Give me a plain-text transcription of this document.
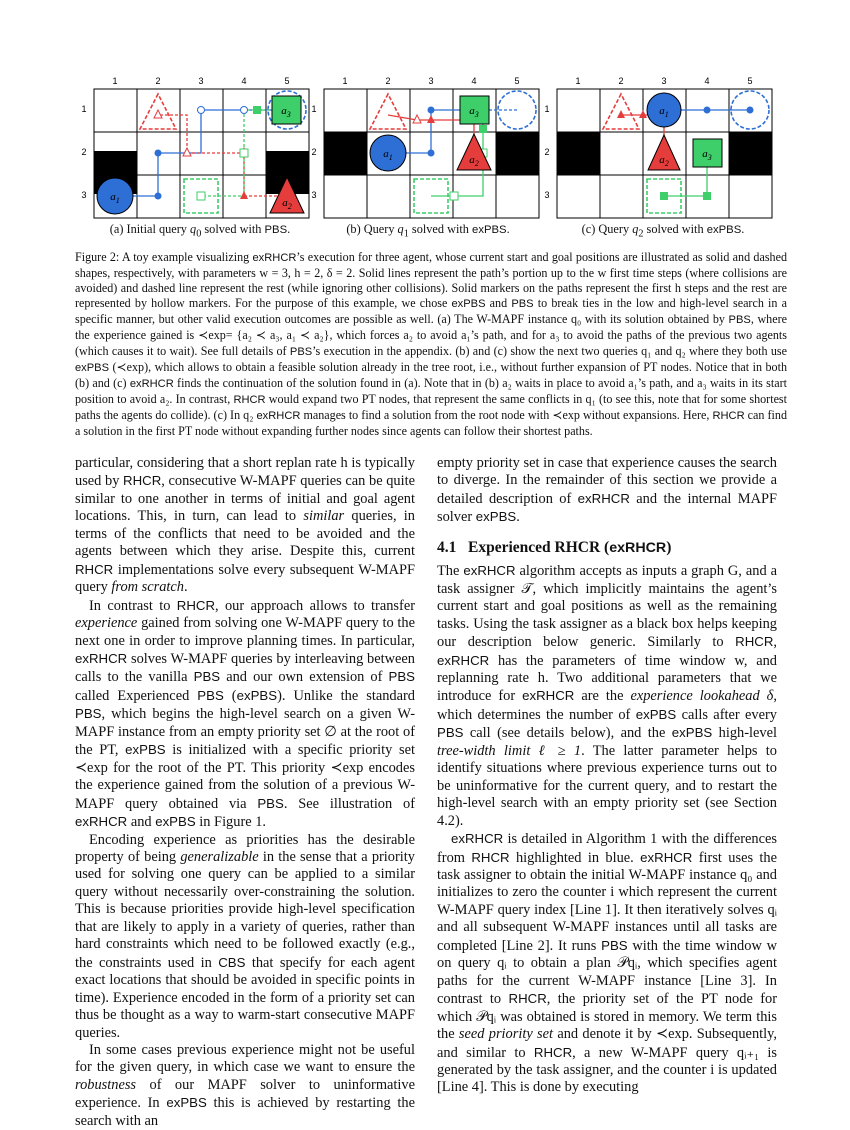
1	2	3	4	5
1
2
3 $a_1$	$a_2$
$a_3$
1	2	3	4	5
1
2
3
$a_1$	$a_2$
$a_3$
1	2	3	4	5
1
2
3
$a_1$
$a_2$
$a_3$
(a) Initial query $q_0$ solved with PBS.	(b) Query $q_1$ solved with exPBS.	(c) Query $q_2$ solved with exPBS.
Figure 2: A toy example visualizing exRHCR’s execution for three agent, whose current start and goal positions are illustrated as solid and dashed shapes, respectively, with parameters w = 3, h = 2, δ = 2. Solid lines represent the path’s portion up to the w first time steps (where collisions are avoided) and dashed line represent the rest (while ignoring other collisions). Solid markers on the paths represent the first h steps and the rest are represented by hollow markers. For the purpose of this example, we chose exPBS and PBS to break ties in the low and high-level search in a specific manner, but other valid execution outcomes are possible as well. (a) The W-MAPF instance q₀ with its solution obtained by PBS, where the experience gained is ≺exp= {a₂ ≺ a₃, a₁ ≺ a₂}, which forces a₂ to avoid a₁’s path, and for a₃ to avoid the paths of the previous two agents (which causes it to wait). See full details of PBS’s execution in the appendix. (b) and (c) show the next two queries q₁ and q₂ where they both use exPBS (≺exp), which allows to obtain a feasible solution already in the tree root, i.e., without further expansion of PT nodes. Notice that in both (b) and (c) exRHCR finds the continuation of the solution found in (a). Note that in (b) a₂ waits in place to avoid a₁’s path, and a₃ waits in its start position to avoid a₂. In contrast, RHCR would expand two PT nodes, that represent the same conflicts in q₁ (to see this, note that for some shortest paths the agents do collide). (c) In q₂ exRHCR manages to find a solution from the root node with ≺exp without expansions. Here, RHCR can find a solution in the first PT node without expanding further nodes since agents can follow their shortest paths.

particular, considering that a short replan rate h is typically used by RHCR, consecutive W-MAPF queries can be quite similar to one another in terms of initial and goal agent locations. This, in turn, can lead to similar queries, in terms of the conflicts that need to be avoided and the agents between which they arise. Despite this, current RHCR implementations solve every subsequent W-MAPF query from scratch.

In contrast to RHCR, our approach allows to transfer experience gained from solving one W-MAPF query to the next one in order to improve planning times. In particular, exRHCR solves W-MAPF queries by interleaving between calls to the vanilla PBS and our own extension of PBS called Experienced PBS (exPBS). Unlike the standard PBS, which begins the high-level search on a given W-MAPF instance from an empty priority set ∅ at the root of the PT, exPBS is initialized with a specific priority set ≺exp for the root of the PT. This priority ≺exp encodes the experience gained from the solution of a previous W-MAPF query obtained via PBS. See illustration of exRHCR and exPBS in Figure 1.

Encoding experience as priorities has the desirable property of being generalizable in the sense that a priority used for solving one query can be applied to a similar query without necessarily over-constraining the solution. This is because priorities provide high-level specification that are likely to apply in a variety of queries, rather than hard constraints which need to be followed exactly (e.g., the constraints used in CBS that specify for each agent exact locations that should be avoided in specific points in time). Experience encoded in the form of a priority set can thus be thought as a way to warm-start consecutive MAPF queries.

In some cases previous experience might not be useful for the given query, in which case we want to ensure the robustness of our MAPF solver to uninformative experience. In exPBS this is achieved by restarting the search with an

empty priority set in case that experience causes the search to diverge. In the remainder of this section we provide a detailed description of exRHCR and the internal MAPF solver exPBS.

4.1 Experienced RHCR (exRHCR)

The exRHCR algorithm accepts as inputs a graph G, and a task assigner 𝒯, which implicitly maintains the agent’s current start and goal positions as well as the remaining tasks. Using the task assigner as a black box helps keeping our description below generic. Similarly to RHCR, exRHCR has the parameters of time window w, and replanning rate h. Two additional parameters that we introduce for exRHCR are the experience lookahead δ, which determines the number of exPBS calls after every PBS call (see details below), and the exPBS high-level tree-width limit ℓ ≥ 1. The latter parameter helps to identify situations where previous experience turns out to be uninformative for the current query, and to restart the high-level search with an empty priority set (see Section 4.2).

exRHCR is detailed in Algorithm 1 with the differences from RHCR highlighted in blue. exRHCR first uses the task assigner to obtain the initial W-MAPF instance q₀ and initializes to zero the counter i which represent the current W-MAPF query index [Line 1]. It then iteratively solves qᵢ and all subsequent W-MAPF instances until all tasks are completed [Line 2]. It runs PBS with the time window w on query qᵢ to obtain a plan 𝒫qᵢ, which specifies agent paths for the current W-MAPF instance [Line 3]. In contrast to RHCR, the priority set of the PT node for which 𝒫qᵢ was obtained is stored in memory. We term this the seed priority set and denote it by ≺exp. Subsequently, and similar to RHCR, a new W-MAPF query qᵢ₊₁ is generated by the task assigner, and the counter i is updated [Line 4]. This is done by executing
